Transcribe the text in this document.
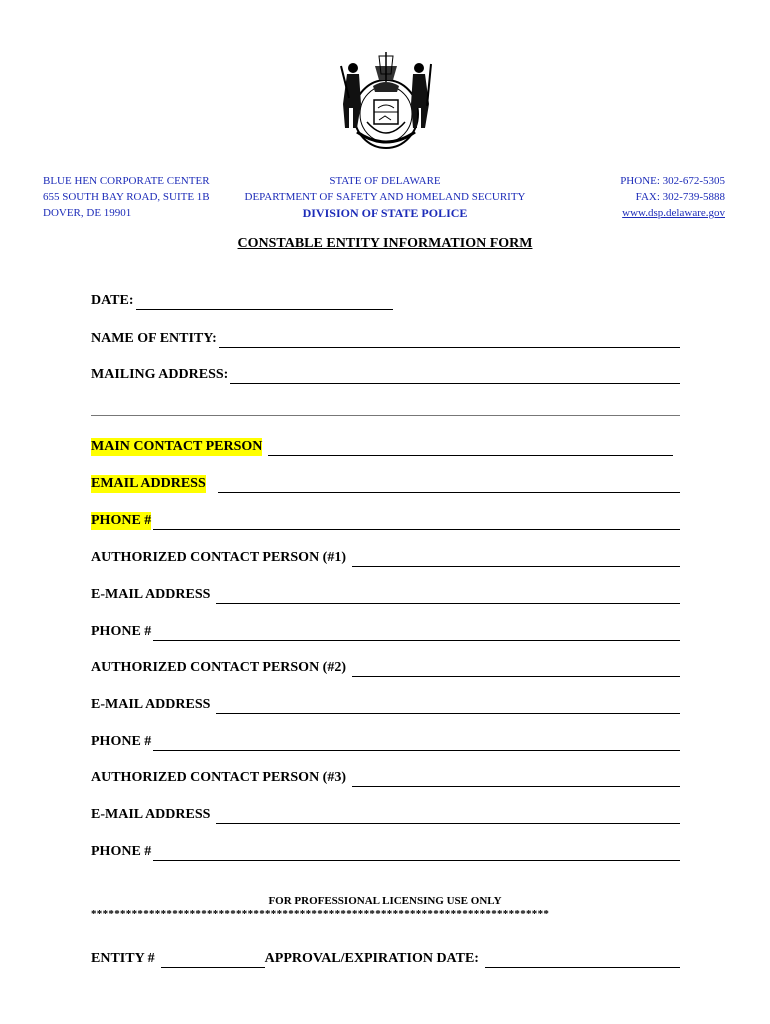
BLUE HEN CORPORATE CENTER
655 SOUTH BAY ROAD, SUITE 1B
DOVER, DE 19901
STATE OF DELAWARE
DEPARTMENT OF SAFETY AND HOMELAND SECURITY
DIVISION OF STATE POLICE
PHONE: 302-672-5305
FAX: 302-739-5888
www.dsp.delaware.gov
CONSTABLE ENTITY INFORMATION FORM
DATE:
NAME OF ENTITY:
MAILING ADDRESS:
MAIN CONTACT PERSON
EMAIL ADDRESS
PHONE #
AUTHORIZED CONTACT PERSON (#1)
E-MAIL ADDRESS
PHONE #
AUTHORIZED CONTACT PERSON (#2)
E-MAIL ADDRESS
PHONE #
AUTHORIZED CONTACT PERSON (#3)
E-MAIL ADDRESS
PHONE #
FOR PROFESSIONAL LICENSING USE ONLY
*******************************************************************************
ENTITY #	APPROVAL/EXPIRATION DATE:
